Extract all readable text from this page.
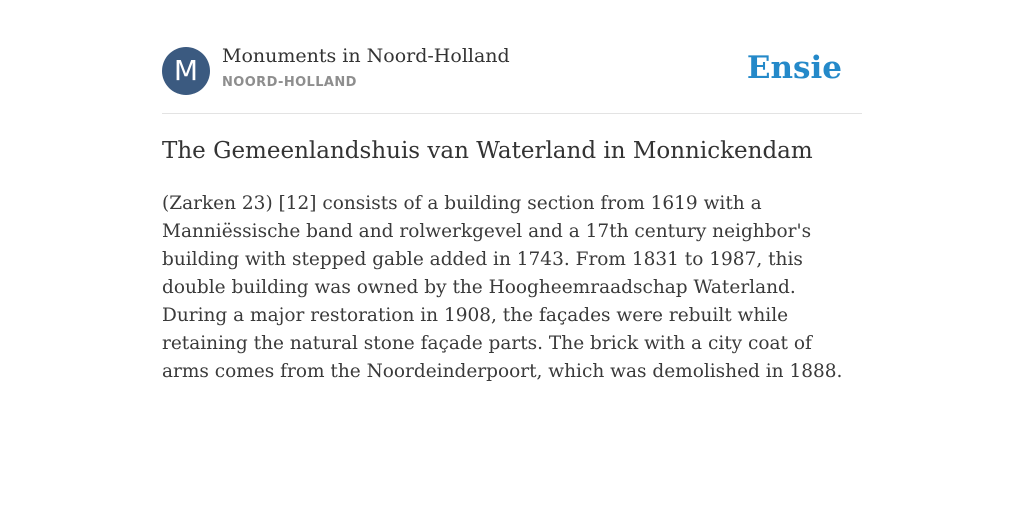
M	Monuments in Noord-Holland
NOORD-HOLLAND	Ensie
The Gemeenlandshuis van Waterland in Monnickendam

(Zarken 23) [12] consists of a building section from 1619 with a Manniëssische band and rolwerkgevel and a 17th century neighbor's building with stepped gable added in 1743. From 1831 to 1987, this double building was owned by the Hoogheemraadschap Waterland. During a major restoration in 1908, the façades were rebuilt while retaining the natural stone façade parts. The brick with a city coat of arms comes from the Noordeinderpoort, which was demolished in 1888.
